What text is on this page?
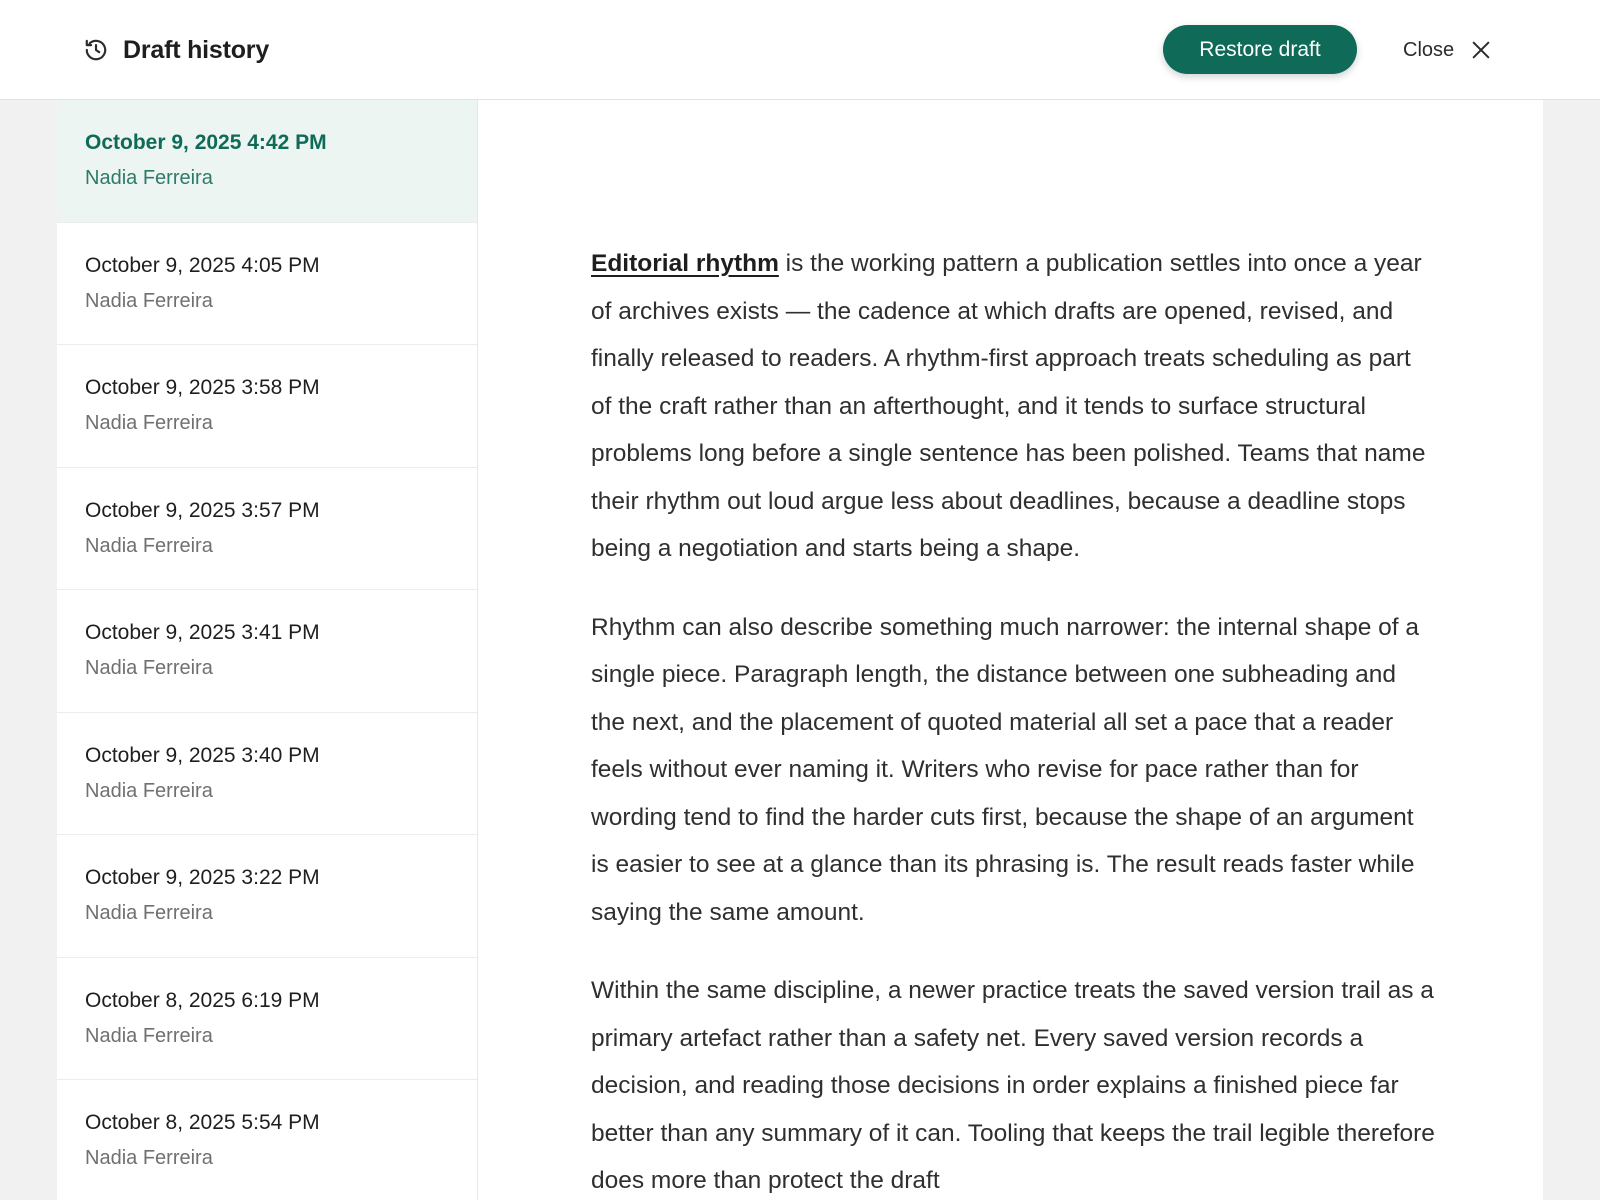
Draft history	Restore draft	Close
October 9, 2025 4:42 PM
Nadia Ferreira
October 9, 2025 4:05 PM
Nadia Ferreira
October 9, 2025 3:58 PM
Nadia Ferreira
October 9, 2025 3:57 PM
Nadia Ferreira
October 9, 2025 3:41 PM
Nadia Ferreira
October 9, 2025 3:40 PM
Nadia Ferreira
October 9, 2025 3:22 PM
Nadia Ferreira
October 8, 2025 6:19 PM
Nadia Ferreira
October 8, 2025 5:54 PM
Nadia Ferreira

Editorial rhythm is the working pattern a publication settles into once a year of archives exists — the cadence at which drafts are opened, revised, and finally released to readers. A rhythm-first approach treats scheduling as part of the craft rather than an afterthought, and it tends to surface structural problems long before a single sentence has been polished. Teams that name their rhythm out loud argue less about deadlines, because a deadline stops being a negotiation and starts being a shape.

Rhythm can also describe something much narrower: the internal shape of a single piece. Paragraph length, the distance between one subheading and the next, and the placement of quoted material all set a pace that a reader feels without ever naming it. Writers who revise for pace rather than for wording tend to find the harder cuts first, because the shape of an argument is easier to see at a glance than its phrasing is. The result reads faster while saying the same amount.

Within the same discipline, a newer practice treats the saved version trail as a primary artefact rather than a safety net. Every saved version records a decision, and reading those decisions in order explains a finished piece far better than any summary of it can. Tooling that keeps the trail legible therefore does more than protect the draft
